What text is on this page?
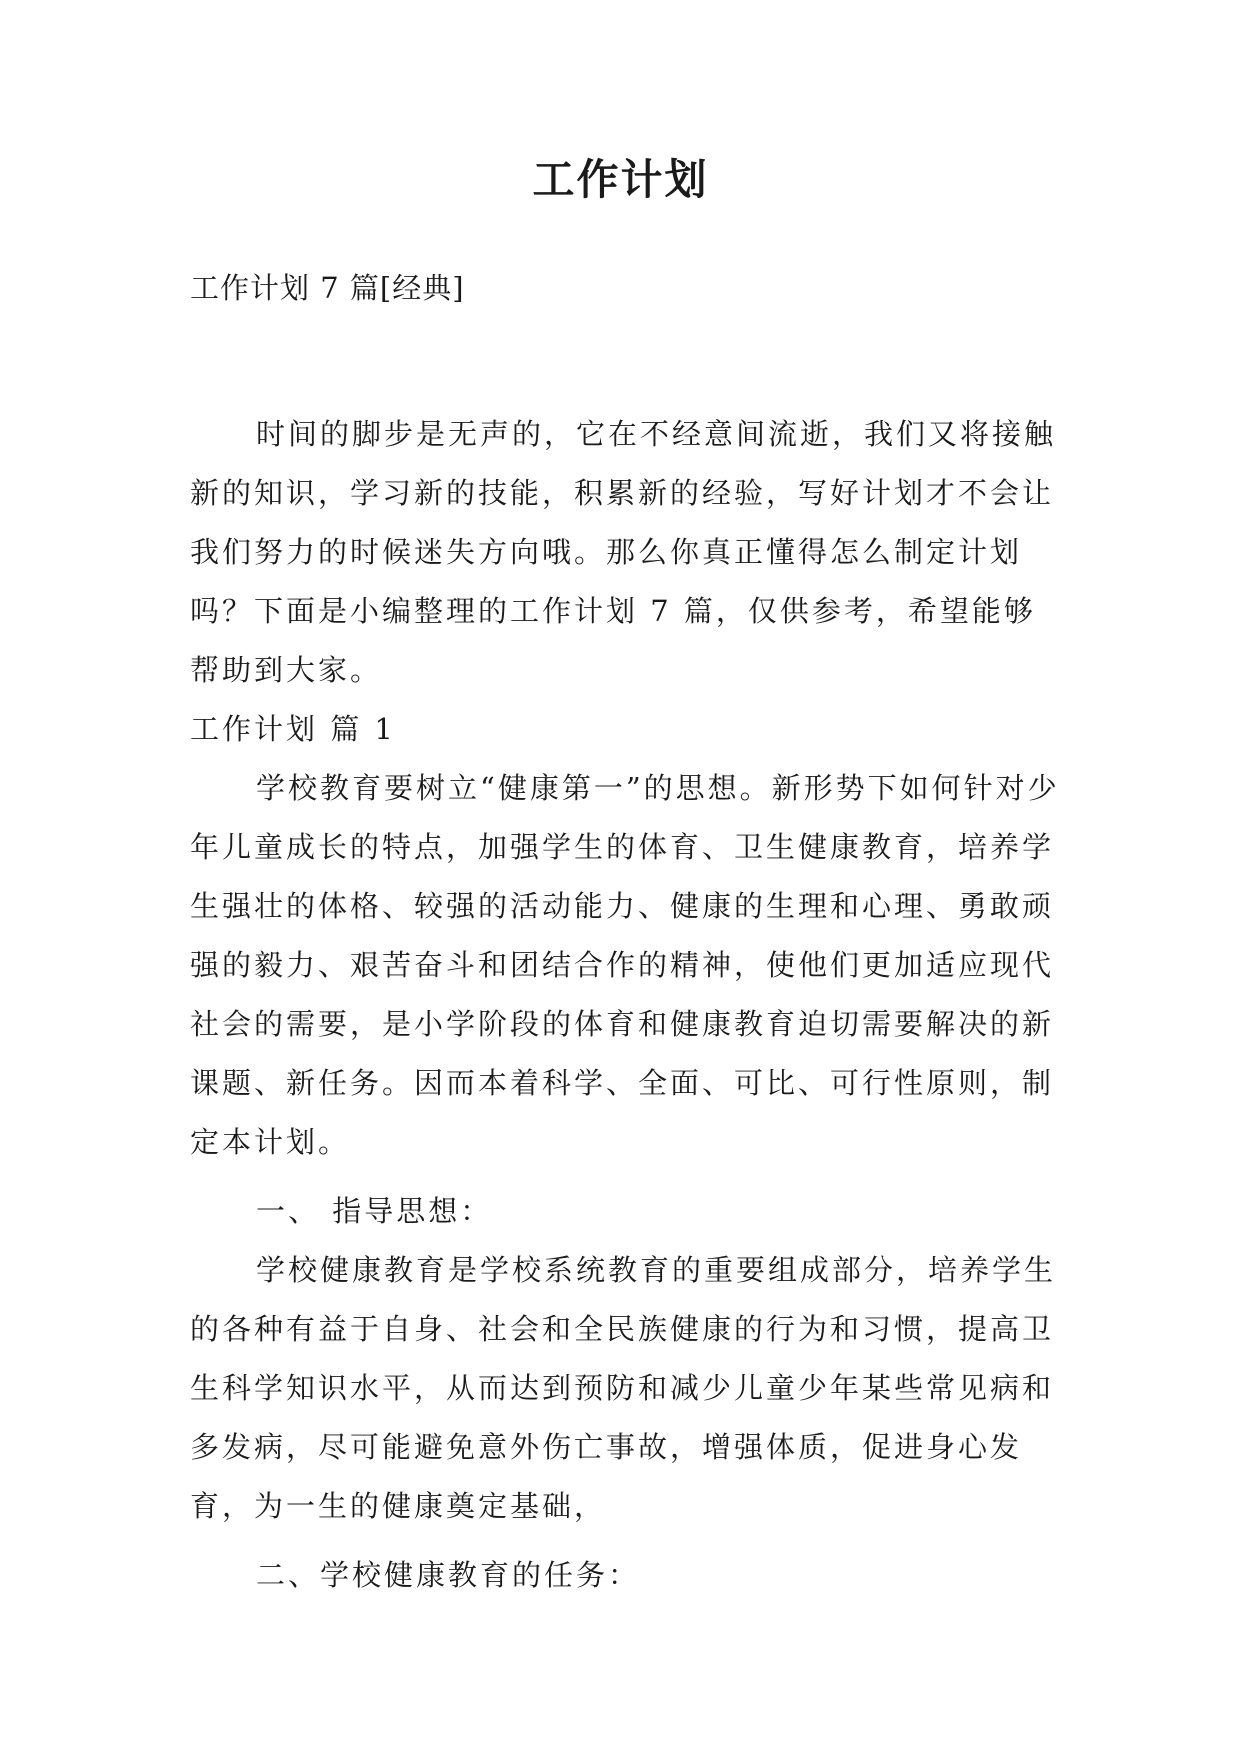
工作计划

工作计划 7 篇[经典]

时间的脚步是无声的，它在不经意间流逝，我们又将接触新的知识，学习新的技能，积累新的经验，写好计划才不会让我们努力的时候迷失方向哦。那么你真正懂得怎么制定计划吗？下面是小编整理的工作计划 7 篇，仅供参考，希望能够帮助到大家。

工作计划 篇 1

学校教育要树立“健康第一”的思想。新形势下如何针对少年儿童成长的特点，加强学生的体育、卫生健康教育，培养学生强壮的体格、较强的活动能力、健康的生理和心理、勇敢顽强的毅力、艰苦奋斗和团结合作的精神，使他们更加适应现代社会的需要，是小学阶段的体育和健康教育迫切需要解决的新课题、新任务。因而本着科学、全面、可比、可行性原则，制定本计划。

一、 指导思想：

学校健康教育是学校系统教育的重要组成部分，培养学生的各种有益于自身、社会和全民族健康的行为和习惯，提高卫生科学知识水平，从而达到预防和减少儿童少年某些常见病和多发病，尽可能避免意外伤亡事故，增强体质，促进身心发育，为一生的健康奠定基础，

二、学校健康教育的任务：
